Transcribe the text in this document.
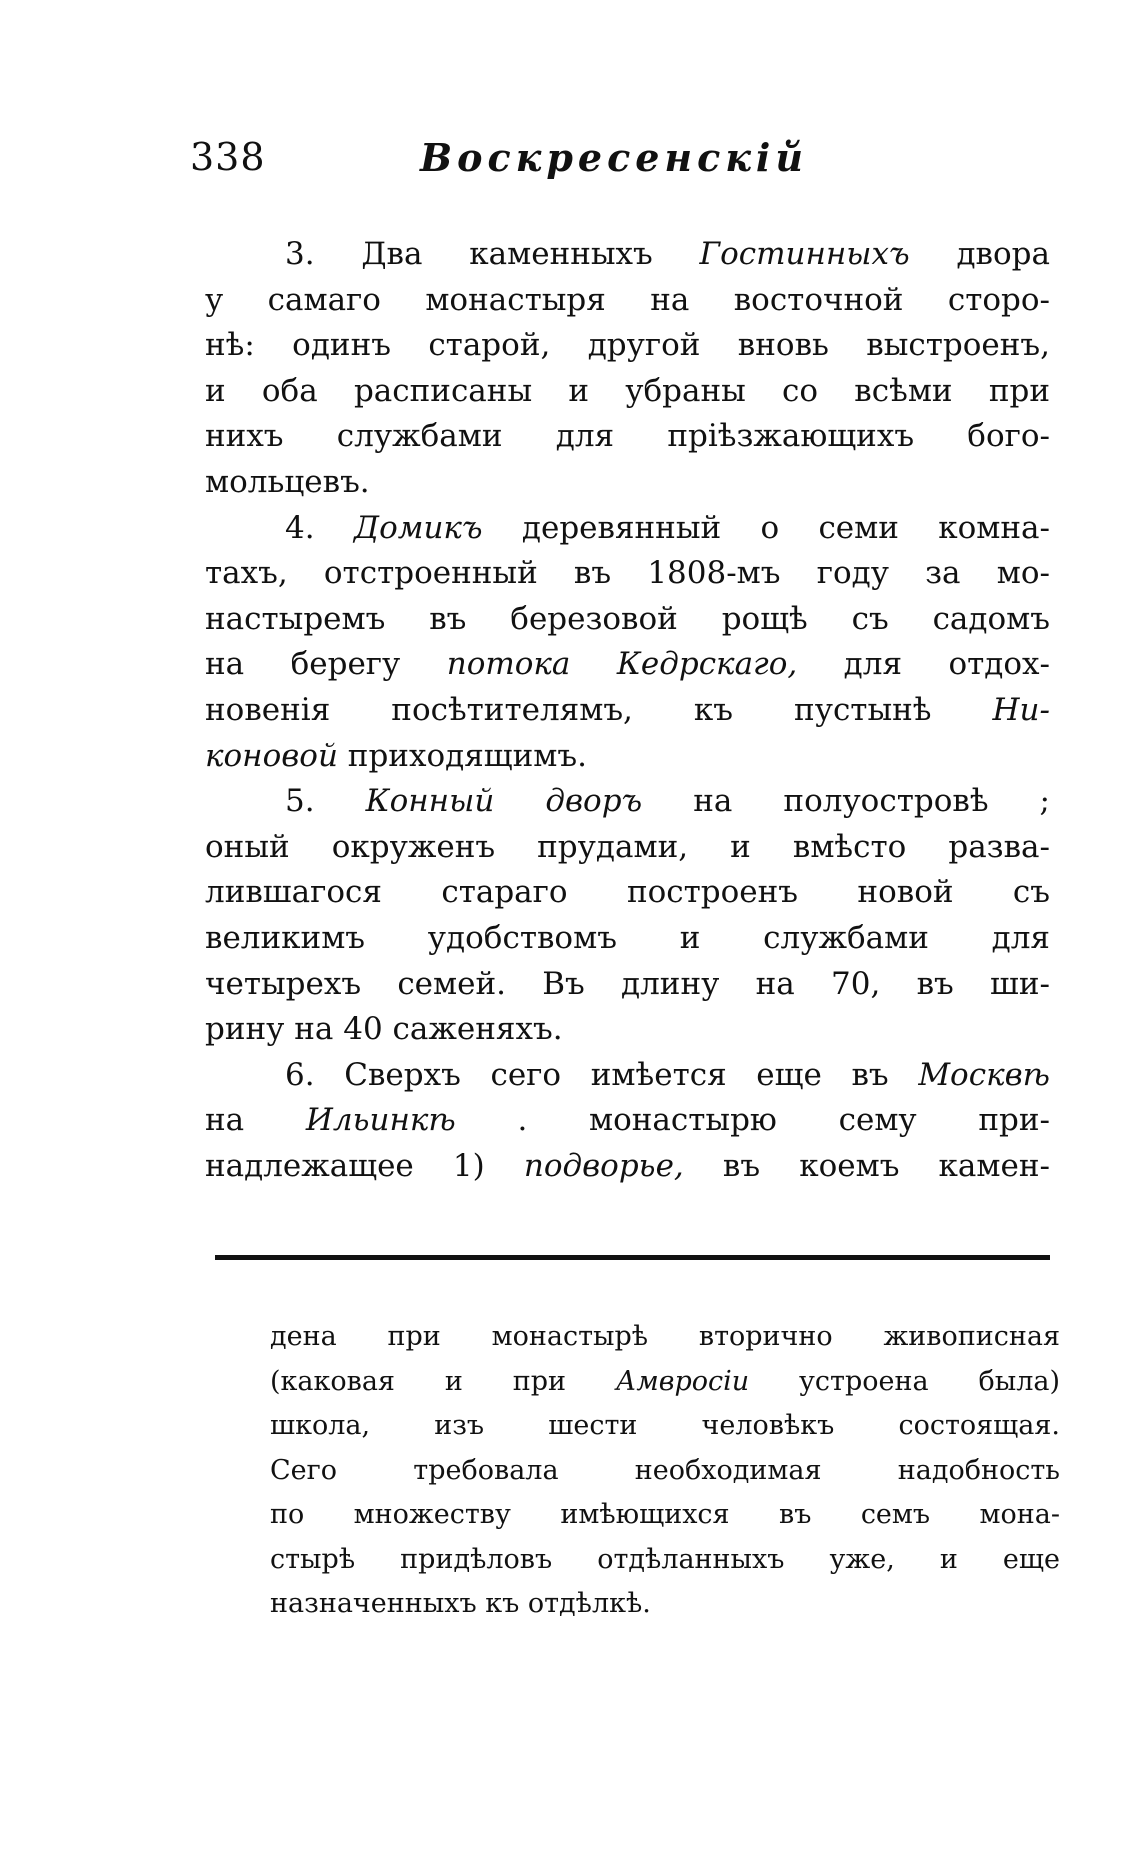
338	Воскресенскiй
3. Два каменныхъ Гостинныхъ двора
у самаго монастыря на восточной сторо-
нѣ: одинъ старой, другой вновь выстроенъ,
и оба расписаны и убраны со всѣми при
нихъ службами для прiѣзжающихъ бого-
мольцевъ.
4. Домикъ деревянный о семи комна-
тахъ, отстроенный въ 1808-мъ году за мо-
настыремъ въ березовой рощѣ съ садомъ
на берегу потока Кедрскаго, для отдох-
новенiя посѣтителямъ, къ пустынѣ Ни-
коновой приходящимъ.
5. Конный дворъ на полуостровѣ ;
оный окруженъ прудами, и вмѣсто разва-
лившагося стараго построенъ новой съ
великимъ удобствомъ и службами для
четырехъ семей. Въ длину на 70, въ ши-
рину на 40 саженяхъ.
6. Сверхъ сего имѣется еще въ Москвѣ
на Ильинкѣ . монастырю сему при-
надлежащее 1) подворье, въ коемъ камен-
дена при монастырѣ вторично живописная
(каковая и при Амвросiи устроена была)
школа, изъ шести человѣкъ состоящая.
Сего требовала необходимая надобность
по множеству имѣющихся въ семъ мона-
стырѣ придѣловъ отдѣланныхъ уже, и еще
назначенныхъ къ отдѣлкѣ.
